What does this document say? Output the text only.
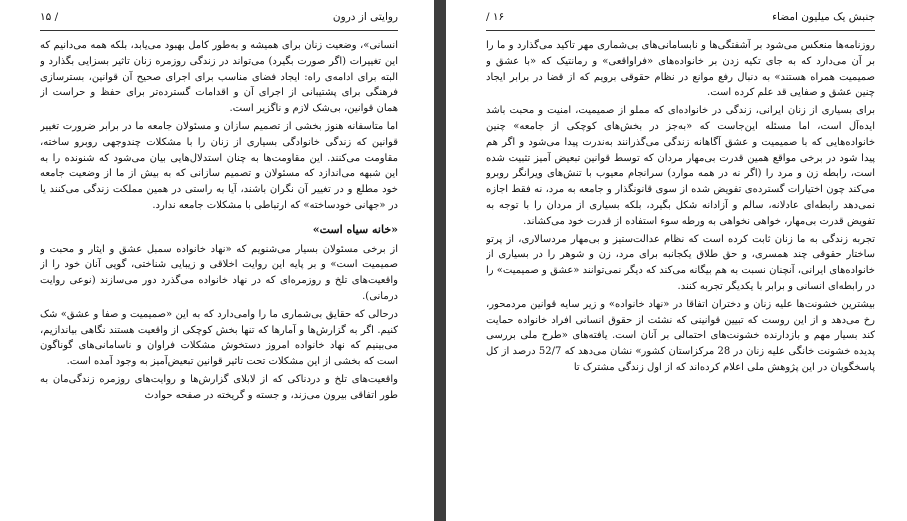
روایتی از درون
۱۵ /

انسانی»، وضعیت زنان برای همیشه و به‌طور کامل بهبود می‌یابد، بلکه همه می‌دانیم که این تغییرات (اگر صورت بگیرد) می‌تواند در زندگی روزمره زنان تاثیر بسزایی بگذارد و البته برای ادامه‌ی راه: ایجاد فضای مناسب برای اجرای صحیح آن قوانین، بسترسازی فرهنگی برای پشتیبانی از اجرای آن و اقدامات گسترده‌تر برای حفظ و حراست از همان قوانین، بی‌شک لازم و ناگزیر است.

اما متاسفانه هنوز بخشی از تصمیم سازان و مسئولان جامعه ما در برابر ضرورت تغییر قوانین که زندگی خانوادگی بسیاری از زنان را با مشکلات چندوجهی روبرو ساخته، مقاومت می‌کنند. این مقاومت‌ها به چنان استدلال‌هایی بیان می‌شود که شنونده را به این شبهه می‌اندازد که مسئولان و تصمیم سازانی که به بیش از ما از وضعیت جامعه خود مطلع و در تغییر آن نگران باشند، آیا به راستی در همین مملکت زندگی می‌کنند یا در «جهانی خودساخته» که ارتباطی با مشکلات جامعه ندارد.

«خانه سیاه است»

از برخی مسئولان بسیار می‌شنویم که «نهاد خانواده سمبل عشق و ایثار و محبت و صمیمیت است» و بر پایه این روایت اخلاقی و زیبایی شناختی، گویی آنان خود را از واقعیت‌های تلخ و روزمره‌ای که در نهاد خانواده می‌گذرد دور می‌سازند (نوعی روایت درمانی).

درحالی که حقایق بی‌شماری ما را وامی‌دارد که به این «صمیمیت و صفا و عشق» شک کنیم. اگر به گزارش‌ها و آمارها که تنها بخش کوچکی از واقعیت هستند نگاهی بیاندازیم، می‌بینیم که نهاد خانواده امروز دستخوش مشکلات فراوان و ناسامانی‌های گوناگون است که بخشی از این مشکلات تحت تاثیر قوانین تبعیض‌آمیز به وجود آمده است.

واقعیت‌های تلخ و دردناکی که از لابلای گزارش‌ها و روایت‌های روزمره زندگی‌مان به طور اتفاقی بیرون می‌زند، و جسته و گریخته در صفحه حوادث

جنبش یک میلیون امضاء
/ ۱۶

روزنامه‌ها منعکس می‌شود بر آشفتگی‌ها و نابسامانی‌های بی‌شماری مهر تاکید می‌گذارد و ما را بر آن می‌دارد که به جای تکیه زدن بر خانواده‌های «فراواقعی» و رمانتیک که «با عشق و صمیمیت همراه هستند» به دنبال رفع موانع در نظام حقوقی برویم که از قضا در برابر ایجاد چنین عشق و صفایی قد علم کرده است.

برای بسیاری از زنان ایرانی، زندگی در خانواده‌ای که مملو از صمیمیت، امنیت و محبت باشد ایده‌آل است، اما مسئله این‌جاست که «به‌جز در بخش‌های کوچکی از جامعه» چنین خانواده‌هایی که با صمیمیت و عشق آگاهانه زندگی می‌گذرانند به‌ندرت پیدا می‌شود و اگر هم پیدا شود در برخی مواقع همین قدرت بی‌مهار مردان که توسط قوانین تبعیض آمیز تثبیت شده است، رابطه زن و مرد را (اگر نه در همه موارد) سرانجام معیوب با تنش‌های ویرانگر روبرو می‌کند چون اختیارات گسترده‌ی تفویض شده از سوی قانونگذار و جامعه به مرد، نه فقط اجازه نمی‌دهد رابطه‌ای عادلانه، سالم و آزادانه شکل بگیرد، بلکه بسیاری از مردان را با توجه به تفویض قدرت بی‌مهار، خواهی نخواهی به ورطه سوء استفاده از قدرت خود می‌کشاند.

تجربه زندگی به ما زنان ثابت کرده است که نظام عدالت‌ستیز و بی‌مهار مردسالاری، از پرتو ساختار حقوقی چند همسری، و حق طلاق یکجانبه برای مرد، زن و شوهر را در بسیاری از خانواده‌های ایرانی، آنچنان نسبت به هم بیگانه می‌کند که دیگر نمی‌توانند «عشق و صمیمیت» را در رابطه‌ای انسانی و برابر با یکدیگر تجربه کنند.

بیشترین خشونت‌ها علیه زنان و دختران اتفاقا در «نهاد خانواده» و زیر سایه قوانین مردمحور، رخ می‌دهد و از این روست که تبیین قوانینی که نشئت از حقوق انسانی افراد خانواده حمایت کند بسیار مهم و بازدارنده خشونت‌های احتمالی بر آنان است. یافته‌های «طرح ملی بررسی پدیده خشونت خانگی علیه زنان در 28 مرکزاستان کشور» نشان می‌دهد که 52/7 درصد از کل پاسخگویان در این پژوهش ملی اعلام کرده‌اند که از اول زندگی مشترک تا
